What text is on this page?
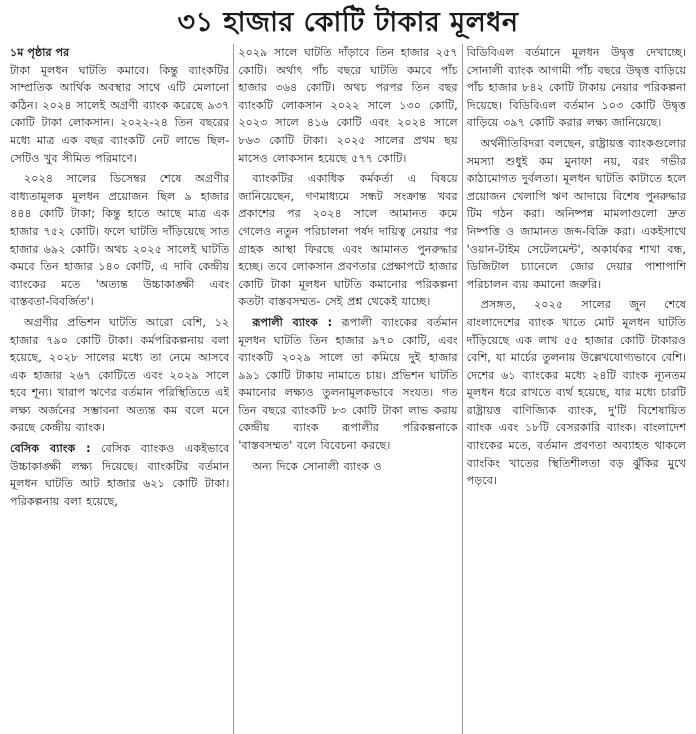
৩১ হাজার কোটি টাকার মূলধন
১ম পৃষ্ঠার পর

টাকা মূলধন ঘাটতি কমাবে। কিন্তু ব্যাংকটির সাম্প্রতিক আর্থিক অবস্থার সাথে এটি মেলানো কঠিন। ২০২৪ সালেই অগ্রণী ব্যাংক করেছে ৯৩৭ কোটি টাকা লোকসান। ২০২২-২৪ তিন বছরের মধ্যে মাত্র এক বছর ব্যাংকটি নেট লাভে ছিল-সেটিও খুব সীমিত পরিমাণে।

২০২৪ সালের ডিসেম্বর শেষে অগ্রণীর বাধ্যতামূলক মূলধন প্রয়োজন ছিল ৯ হাজার ৪৪৪ কোটি টাকা; কিন্তু হাতে আছে মাত্র এক হাজার ৭৫২ কোটি। ফলে ঘাটতি দাঁড়িয়েছে সাত হাজার ৬৯২ কোটি। অথচ ২০২৫ সালেই ঘাটতি কমবে তিন হাজার ১৪০ কোটি, এ দাবি কেন্দ্রীয় ব্যাংকের মতে 'অত্যন্ত উচ্চাকাঙ্ক্ষী এবং বাস্তবতা-বিবর্জিত'।

অগ্রণীর প্রভিশন ঘাটতি আরো বেশি, ১২ হাজার ৭৯০ কোটি টাকা। কর্মপরিকল্পনায় বলা হয়েছে, ২০২৮ সালের মধ্যে তা নেমে আসবে এক হাজার ২৬৭ কোটিতে এবং ২০২৯ সালে হবে শূন্য। খারাপ ঋণের বর্তমান পরিস্থিতিতে এই লক্ষ্য অর্জনের সম্ভাবনা অত্যন্ত কম বলে মনে করছে কেন্দ্রীয় ব্যাংক।

বেসিক ব্যাংক : বেসিক ব্যাংকও একইভাবে উচ্চাকাঙ্ক্ষী লক্ষ্য দিয়েছে। ব্যাংকটির বর্তমান মূলধন ঘাটতি আট হাজার ৬২১ কোটি টাকা। পরিকল্পনায় বলা হয়েছে,

২০২৯ সালে ঘাটতি দাঁড়াবে তিন হাজার ২৫৭ কোটি। অর্থাৎ পাঁচ বছরে ঘাটতি কমবে পাঁচ হাজার ৩৬৪ কোটি। অথচ পরপর তিন বছর ব্যাংকটি লোকসান ২০২২ সালে ১৩০ কোটি, ২০২৩ সালে ৪১৬ কোটি এবং ২০২৪ সালে ৮৬৩ কোটি টাকা। ২০২৫ সালের প্রথম ছয় মাসেও লোকসান হয়েছে ৫৭৭ কোটি।

ব্যাংকটির একাধিক কর্মকর্তা এ বিষয়ে জানিয়েছেন, গণমাধ্যমে সন্ধট সংক্রান্ত খবর প্রকাশের পর ২০২৪ সালে আমানত কমে গেলেও নতুন পরিচালনা পর্ষদ দায়িত্ব নেয়ার পর গ্রাহক আস্থা ফিরছে এবং আমানত পুনরুদ্ধার হচ্ছে। তবে লোকসান প্রবণতার প্রেক্ষাপটে হাজার কোটি টাকা মূলধন ঘাটতি কমানোর পরিকল্পনা কতটা বাস্তবসম্মত- সেই প্রশ্ন থেকেই যাচ্ছে।

রূপালী ব্যাংক : রূপালী ব্যাংকের বর্তমান মূলধন ঘাটতি তিন হাজার ৯৭০ কোটি, এবং ব্যাংকটি ২০২৯ সালে তা কমিয়ে দুই হাজার ৯৯১ কোটি টাকায় নামাতে চায়। প্রভিশন ঘাটতি কমানোর লক্ষ্যও তুলনামূলকভাবে সংযত। গত তিন বছরে ব্যাংকটি ৮৩ কোটি টাকা লাভ করায় কেন্দ্রীয় ব্যাংক রূপালীর পরিকল্পনাকে 'বাস্তবসম্মত' বলে বিবেচনা করছে।

অন্য দিকে সোনালী ব্যাংক ও

বিডিবিএল বর্তমানে মূলধন উদ্বৃত্ত দেখাচ্ছে। সোনালী ব্যাংক আগামী পাঁচ বছরে উদ্বৃত্ত বাড়িয়ে পাঁচ হাজার ৮৪২ কোটি টাকায় নেয়ার পরিকল্পনা দিয়েছে। বিডিবিএল বর্তমান ১০৩ কোটি উদ্বৃত্ত বাড়িয়ে ৩৯৭ কোটি করার লক্ষ্য জানিয়েছে।

অর্থনীতিবিদরা বলছেন, রাষ্ট্রায়ত্ত ব্যাংকগুলোর সমস্যা শুধুই কম মুনাফা নয়, বরং গভীর কাঠামোগত দুর্বলতা। মূলধন ঘাটতি কাটাতে হলে প্রয়োজন খেলাপি ঋণ আদায়ে বিশেষ পুনরুদ্ধার টিম গঠন করা। অনিষ্পন্ন মামলাগুলো দ্রুত নিষ্পত্তি ও জামানত জব্দ-বিক্রি করা। একইসাথে 'ওয়ান-টাইম সেটেলমেন্ট', অকার্যকর শাখা বন্ধ, ডিজিটাল চ্যানেলে জোর দেয়ার পাশাপাশি পরিচালন ব্যয় কমানো জরুরি।

প্রসঙ্গত, ২০২৫ সালের জুন শেষে বাংলাদেশের ব্যাংক খাতে মোট মূলধন ঘাটতি দাঁড়িয়েছে এক লাখ ৫৫ হাজার কোটি টাকারও বেশি, যা মার্চের তুলনায় উল্লেখযোগ্যভাবে বেশি। দেশের ৬১ ব্যাংকের মধ্যে ২৪টি ব্যাংক ন্যূনতম মূলধন ধরে রাখতে ব্যর্থ হয়েছে, যার মধ্যে চারটি রাষ্ট্রায়ত্ত বাণিজ্যিক ব্যাংক, দু'টি বিশেষায়িত ব্যাংক এবং ১৮টি বেসরকারি ব্যাংক। বাংলাদেশ ব্যাংকের মতে, বর্তমান প্রবণতা অব্যাহত থাকলে ব্যাংকিং খাতের স্থিতিশীলতা বড় ঝুঁকির মুখে পড়বে।
